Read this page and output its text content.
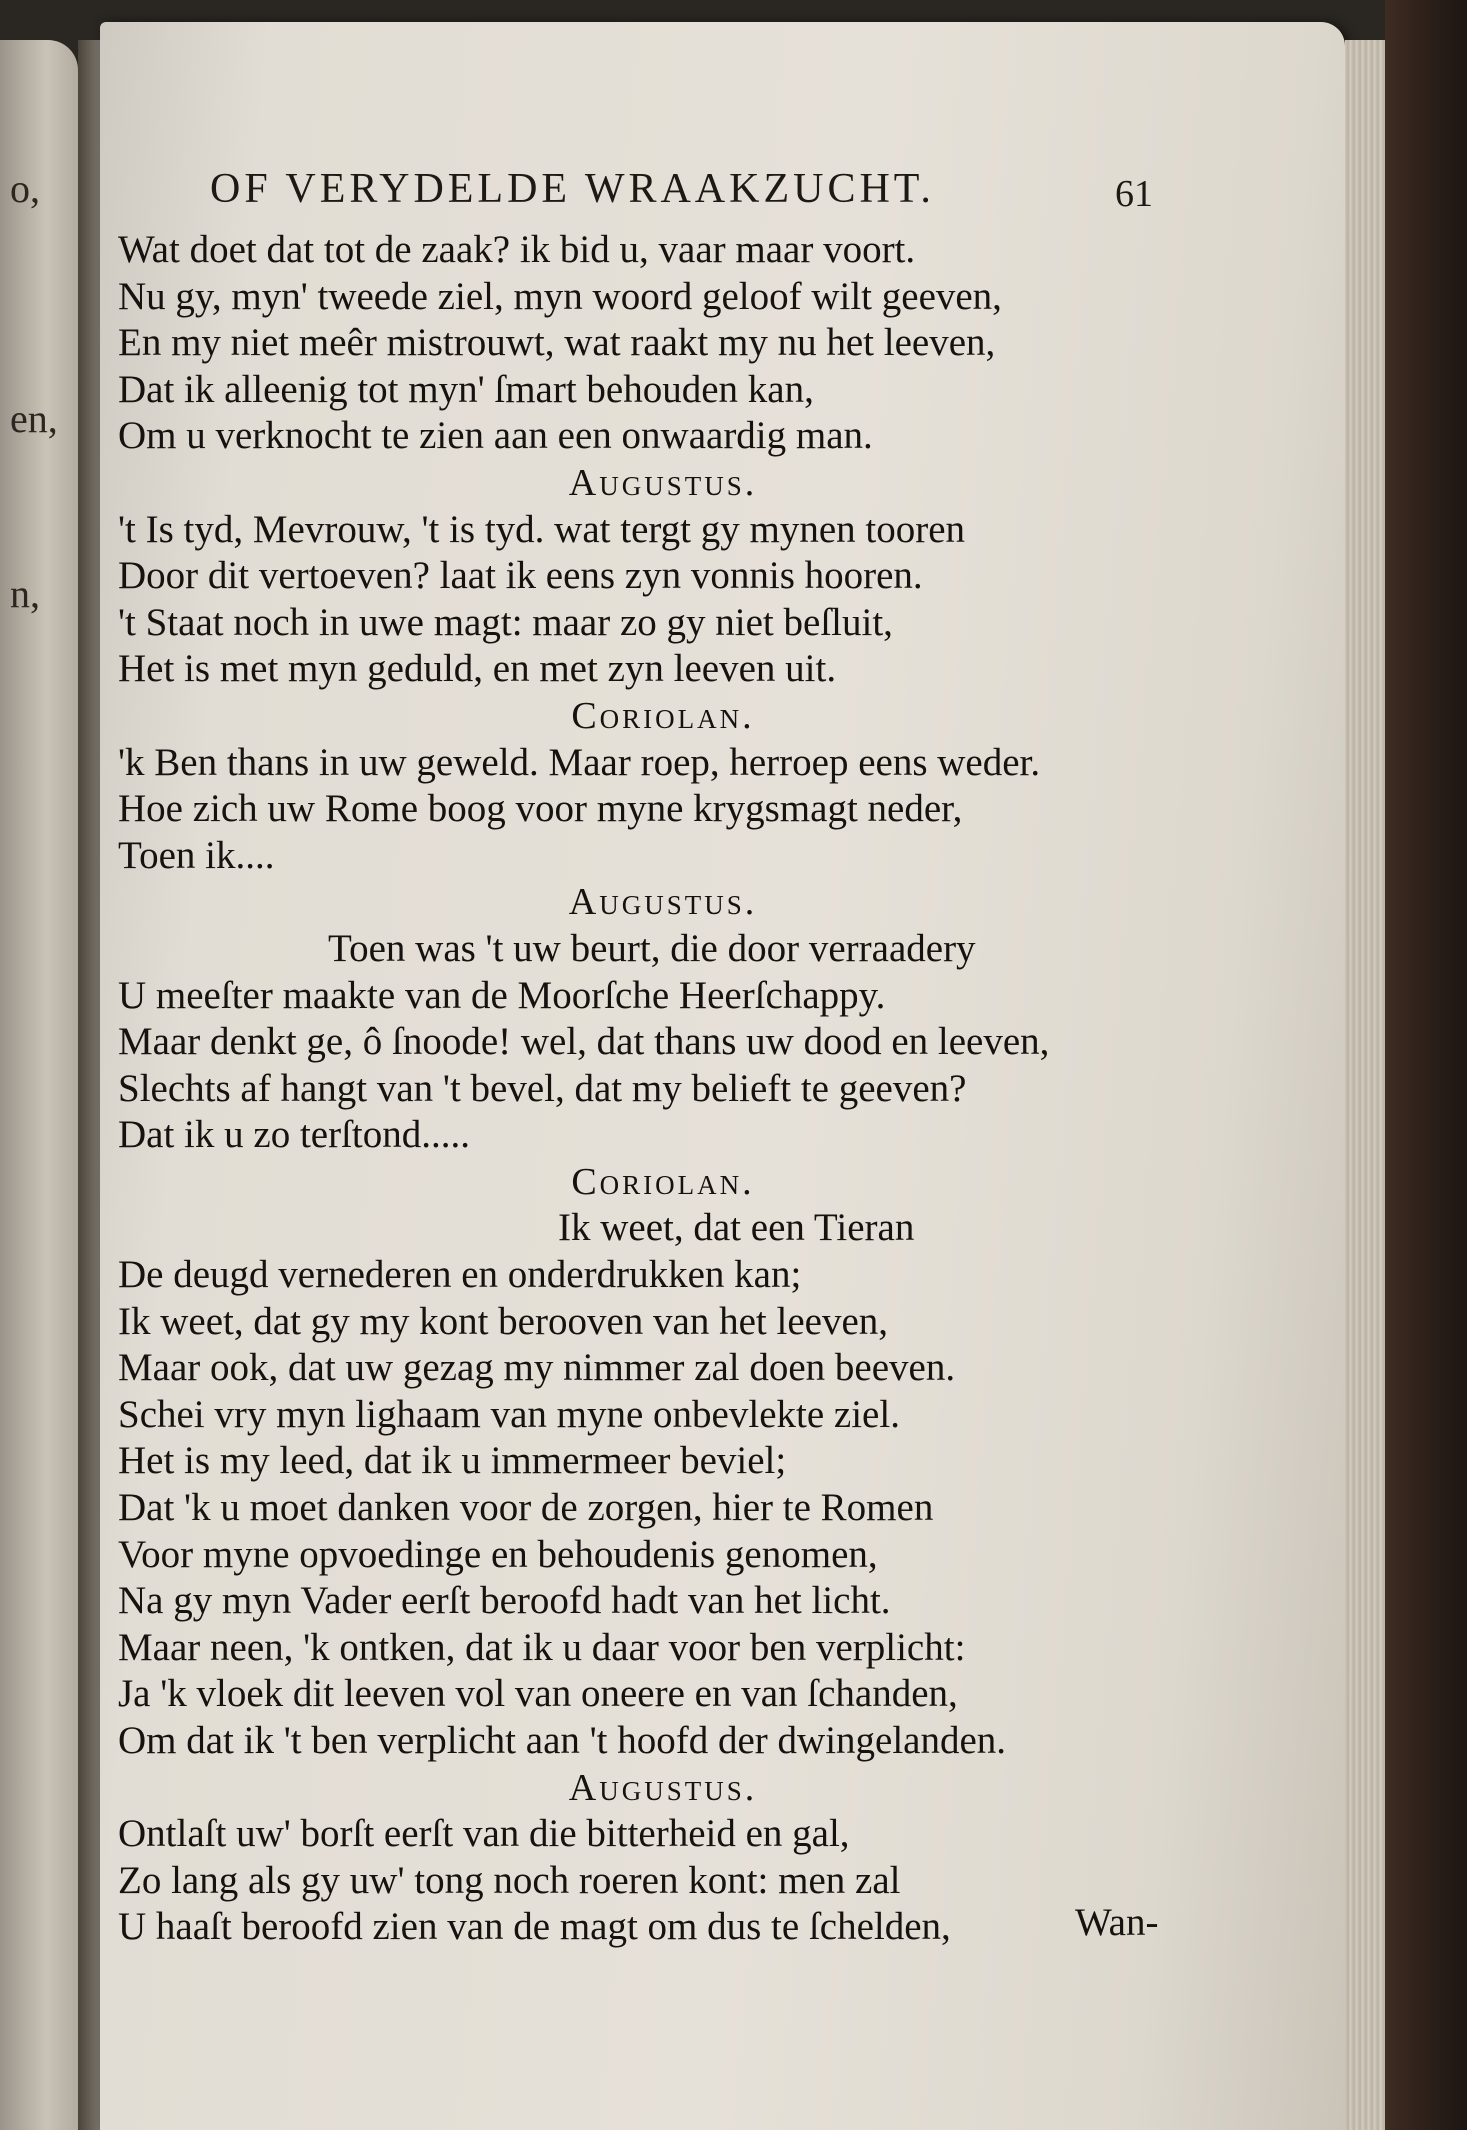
o,
en,
n,
OF VERYDELDE WRAAKZUCHT.	61
Wat doet dat tot de zaak? ik bid u, vaar maar voort.
Nu gy, myn' tweede ziel, myn woord geloof wilt geeven,
En my niet meêr mistrouwt, wat raakt my nu het leeven,
Dat ik alleenig tot myn' ſmart behouden kan,
Om u verknocht te zien aan een onwaardig man.
Augustus.
't Is tyd, Mevrouw, 't is tyd. wat tergt gy mynen tooren
Door dit vertoeven? laat ik eens zyn vonnis hooren.
't Staat noch in uwe magt: maar zo gy niet beſluit,
Het is met myn geduld, en met zyn leeven uit.
Coriolan.
'k Ben thans in uw geweld. Maar roep, herroep eens weder.
Hoe zich uw Rome boog voor myne krygsmagt neder,
Toen ik....
Augustus.
Toen was 't uw beurt, die door verraadery
U meeſter maakte van de Moorſche Heerſchappy.
Maar denkt ge, ô ſnoode! wel, dat thans uw dood en leeven,
Slechts af hangt van 't bevel, dat my belieft te geeven?
Dat ik u zo terſtond.....
Coriolan.
Ik weet, dat een Tieran
De deugd vernederen en onderdrukken kan;
Ik weet, dat gy my kont berooven van het leeven,
Maar ook, dat uw gezag my nimmer zal doen beeven.
Schei vry myn lighaam van myne onbevlekte ziel.
Het is my leed, dat ik u immermeer beviel;
Dat 'k u moet danken voor de zorgen, hier te Romen
Voor myne opvoedinge en behoudenis genomen,
Na gy myn Vader eerſt beroofd hadt van het licht.
Maar neen, 'k ontken, dat ik u daar voor ben verplicht:
Ja 'k vloek dit leeven vol van oneere en van ſchanden,
Om dat ik 't ben verplicht aan 't hoofd der dwingelanden.
Augustus.
Ontlaſt uw' borſt eerſt van die bitterheid en gal,
Zo lang als gy uw' tong noch roeren kont: men zal
U haaſt beroofd zien van de magt om dus te ſchelden,	Wan-
